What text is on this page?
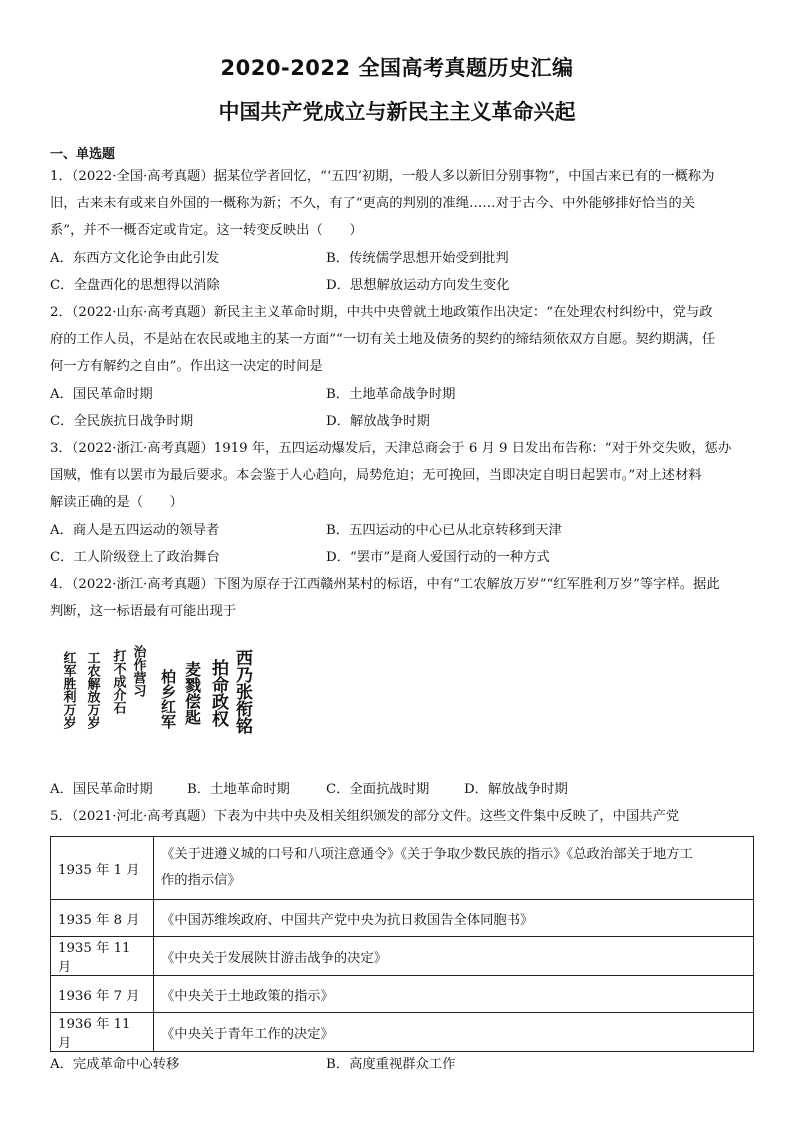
2020-2022 全国高考真题历史汇编
中国共产党成立与新民主主义革命兴起
一、单选题
1．（2022·全国·高考真题）据某位学者回忆，“‘五四’初期，一般人多以新旧分别事物”，中国古来已有的一概称为
旧，古来未有或来自外国的一概称为新；不久，有了“更高的判别的准绳……对于古今、中外能够排好恰当的关
系”，并不一概否定或肯定。这一转变反映出（　　）
A．东西方文化论争由此引发	B．传统儒学思想开始受到批判
C．全盘西化的思想得以消除	D．思想解放运动方向发生变化
2．（2022·山东·高考真题）新民主主义革命时期，中共中央曾就土地政策作出决定：“在处理农村纠纷中，党与政
府的工作人员，不是站在农民或地主的某一方面”“一切有关土地及债务的契约的缔结须依双方自愿。契约期满，任
何一方有解约之自由”。作出这一决定的时间是
A．国民革命时期	B．土地革命战争时期
C．全民族抗日战争时期	D．解放战争时期
3．（2022·浙江·高考真题）1919 年，五四运动爆发后，天津总商会于 6 月 9 日发出布告称：“对于外交失败，惩办
国贼，惟有以罢市为最后要求。本会鉴于人心趋向，局势危迫；无可挽回，当即决定自明日起罢市。”对上述材料
解读正确的是（　　）
A．商人是五四运动的领导者	B．五四运动的中心已从北京转移到天津
C．工人阶级登上了政治舞台	D．“罢市”是商人爱国行动的一种方式
4．（2022·浙江·高考真题）下图为原存于江西赣州某村的标语，中有“工农解放万岁”“红军胜利万岁”等字样。据此
判断，这一标语最有可能出现于
西乃张衔铭
拍命政权
麦戮偿匙
柏乡红军
治作营习
打不成介石
工农解放万岁
红军胜利万岁
A．国民革命时期	B．土地革命时期	C．全面抗战时期	D．解放战争时期
5．（2021·河北·高考真题）下表为中共中央及相关组织颁发的部分文件。这些文件集中反映了，中国共产党
1935 年 1 月	《关于进遵义城的口号和八项注意通令》《关于争取少数民族的指示》《总政治部关于地方工
作的指示信》

1935 年 8 月	《中国苏维埃政府、中国共产党中央为抗日救国告全体同胞书》
1935 年 11 月	《中央关于发展陕甘游击战争的决定》
1936 年 7 月	《中央关于土地政策的指示》
1936 年 11 月	《中央关于青年工作的决定》
A．完成革命中心转移	B．高度重视群众工作
